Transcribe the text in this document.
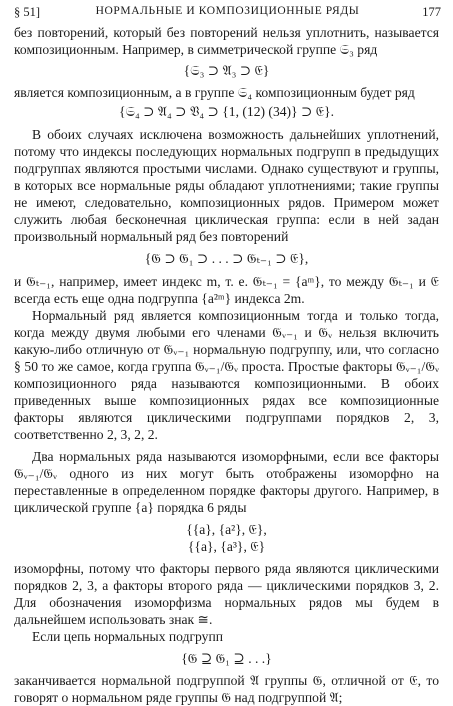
§ 51]	НОРМАЛЬНЫЕ И КОМПОЗИЦИОННЫЕ РЯДЫ	177

без повторений, который без повторений нельзя уплотнить, называется композиционным. Например, в симметрической группе 𝔖₃ ряд

{𝔖₃ ⊃ 𝔄₃ ⊃ 𝔈}

является композиционным, а в группе 𝔖₄ композиционным будет ряд

{𝔖₄ ⊃ 𝔄₄ ⊃ 𝔙₄ ⊃ {1, (12) (34)} ⊃ 𝔈}.

В обоих случаях исключена возможность дальнейших уплотнений, потому что индексы последующих нормальных подгрупп в предыдущих подгруппах являются простыми числами. Однако существуют и группы, в которых все нормальные ряды обладают уплотнениями; такие группы не имеют, следовательно, композиционных рядов. Примером может служить любая бесконечная циклическая группа: если в ней задан произвольный нормальный ряд без повторений

{𝔊 ⊃ 𝔊₁ ⊃ . . . ⊃ 𝔊ₜ₋₁ ⊃ 𝔈},

и 𝔊ₜ₋₁, например, имеет индекс m, т. е. 𝔊ₜ₋₁ = {aᵐ}, то между 𝔊ₜ₋₁ и 𝔈 всегда есть еще одна подгруппа {a²ᵐ} индекса 2m.

Нормальный ряд является композиционным тогда и только тогда, когда между двумя любыми его членами 𝔊ᵥ₋₁ и 𝔊ᵥ нельзя включить какую-либо отличную от 𝔊ᵥ₋₁ нормальную подгруппу, или, что согласно § 50 то же самое, когда группа 𝔊ᵥ₋₁/𝔊ᵥ проста. Простые факторы 𝔊ᵥ₋₁/𝔊ᵥ композиционного ряда называются композиционными. В обоих приведенных выше композиционных рядах все композиционные факторы являются циклическими подгруппами порядков 2, 3, соответственно 2, 3, 2, 2.

Два нормальных ряда называются изоморфными, если все факторы 𝔊ᵥ₋₁/𝔊ᵥ одного из них могут быть отображены изоморфно на переставленные в определенном порядке факторы другого. Например, в циклической группе {a} порядка 6 ряды

{{a}, {a²}, 𝔈},

{{a}, {a³}, 𝔈}

изоморфны, потому что факторы первого ряда являются циклическими порядков 2, 3, а факторы второго ряда — циклическими порядков 3, 2. Для обозначения изоморфизма нормальных рядов мы будем в дальнейшем использовать знак ≅.

Если цепь нормальных подгрупп

{𝔊 ⊇ 𝔊₁ ⊇ . . .}

заканчивается нормальной подгруппой 𝔄 группы 𝔊, отличной от 𝔈, то говорят о нормальном ряде группы 𝔊 над подгруппой 𝔄;
